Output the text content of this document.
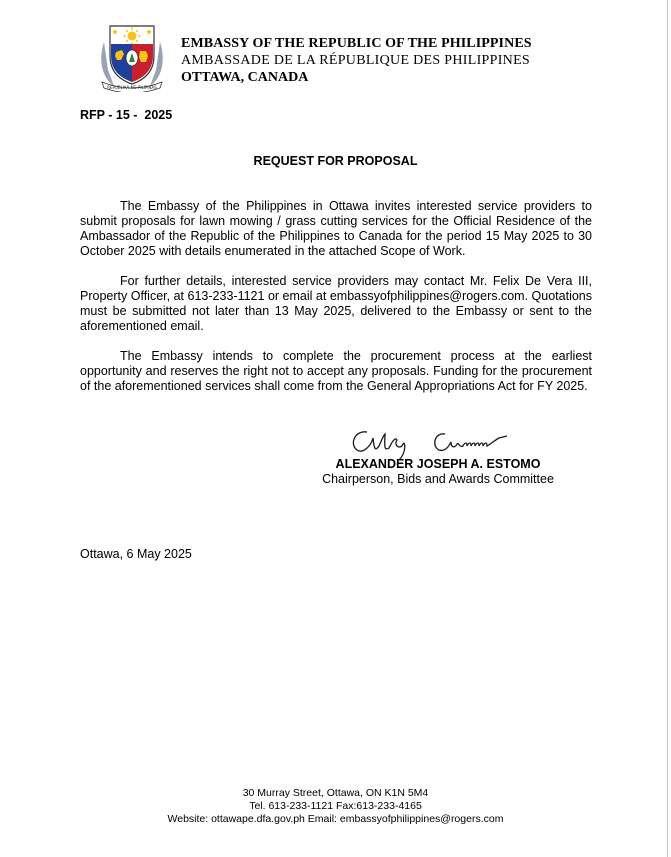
REPUBLIKA NG PILIPINAS
EMBASSY OF THE REPUBLIC OF THE PHILIPPINES
AMBASSADE DE LA RÉPUBLIQUE DES PHILIPPINES
OTTAWA, CANADA
RFP - 15 -  2025
REQUEST FOR PROPOSAL

The Embassy of the Philippines in Ottawa invites interested service providers to submit proposals for lawn mowing / grass cutting services for the Official Residence of the Ambassador of the Republic of the Philippines to Canada for the period 15 May 2025 to 30 October 2025 with details enumerated in the attached Scope of Work.

For further details, interested service providers may contact Mr. Felix De Vera III, Property Officer, at 613-233-1121 or email at embassyofphilippines@rogers.com. Quotations must be submitted not later than 13 May 2025, delivered to the Embassy or sent to the aforementioned email.

The Embassy intends to complete the procurement process at the earliest opportunity and reserves the right not to accept any proposals. Funding for the procurement of the aforementioned services shall come from the General Appropriations Act for FY 2025.

ALEXANDER JOSEPH A. ESTOMO
Chairperson, Bids and Awards Committee
Ottawa, 6 May 2025
30 Murray Street, Ottawa, ON K1N 5M4
Tel. 613-233-1121 Fax:613-233-4165
Website: ottawape.dfa.gov.ph Email: embassyofphilippines@rogers.com
